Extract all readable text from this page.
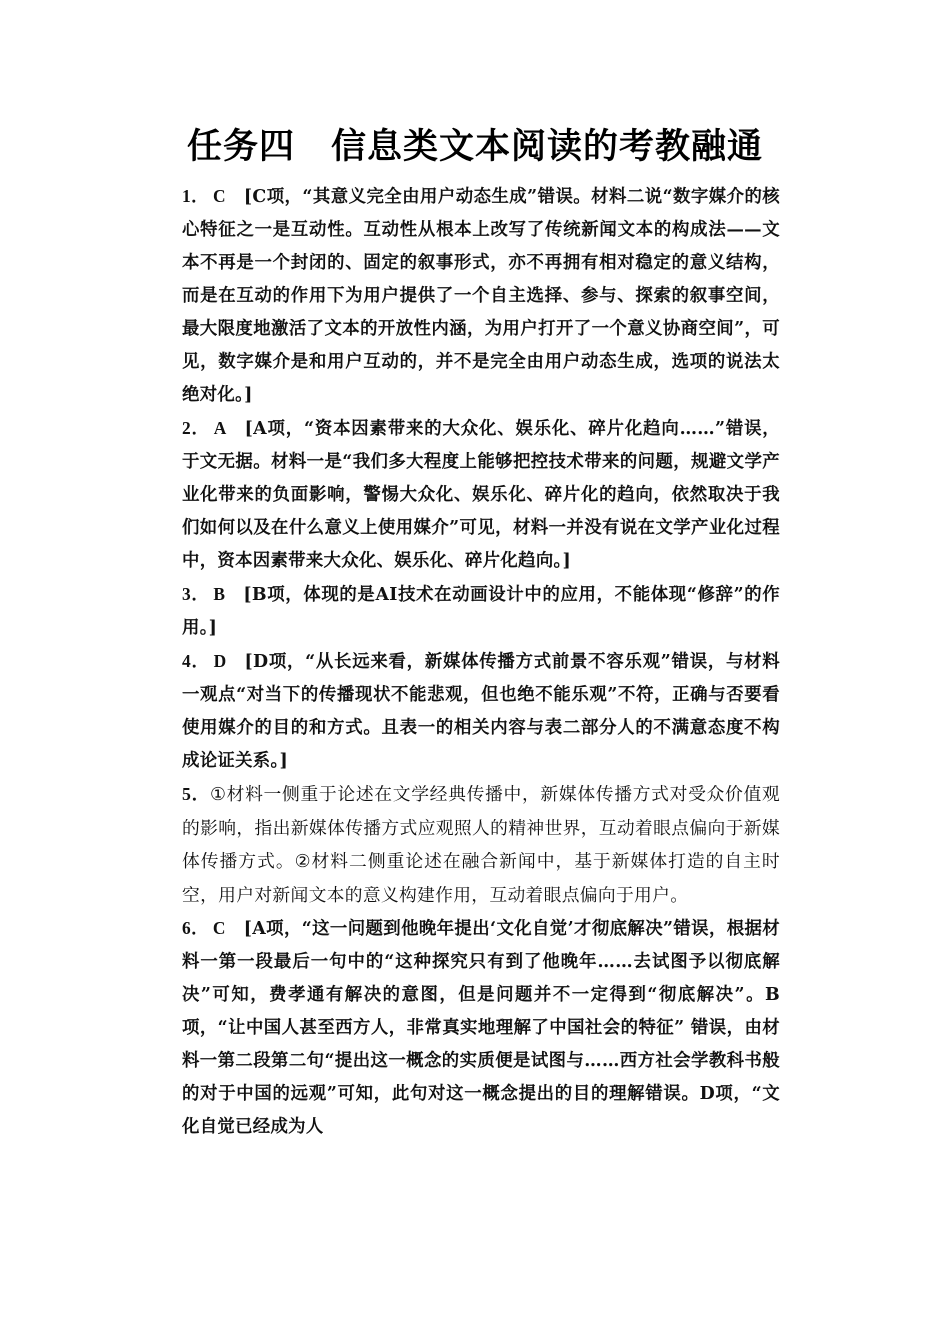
任务四　信息类文本阅读的考教融通

1． C [C项，“其意义完全由用户动态生成”错误。材料二说“数字媒介的核心特征之一是互动性。互动性从根本上改写了传统新闻文本的构成法——文本不再是一个封闭的、固定的叙事形式，亦不再拥有相对稳定的意义结构，而是在互动的作用下为用户提供了一个自主选择、参与、探索的叙事空间，最大限度地激活了文本的开放性内涵，为用户打开了一个意义协商空间”，可见，数字媒介是和用户互动的，并不是完全由用户动态生成，选项的说法太绝对化。]

2． A [A项，“资本因素带来的大众化、娱乐化、碎片化趋向……”错误，于文无据。材料一是“我们多大程度上能够把控技术带来的问题，规避文学产业化带来的负面影响，警惕大众化、娱乐化、碎片化的趋向，依然取决于我们如何以及在什么意义上使用媒介”可见，材料一并没有说在文学产业化过程中，资本因素带来大众化、娱乐化、碎片化趋向。]

3． B [B项，体现的是AI技术在动画设计中的应用，不能体现“修辞”的作用。]

4． D [D项，“从长远来看，新媒体传播方式前景不容乐观”错误，与材料一观点“对当下的传播现状不能悲观，但也绝不能乐观”不符，正确与否要看使用媒介的目的和方式。且表一的相关内容与表二部分人的不满意态度不构成论证关系。]

5．①材料一侧重于论述在文学经典传播中，新媒体传播方式对受众价值观的影响，指出新媒体传播方式应观照人的精神世界，互动着眼点偏向于新媒体传播方式。②材料二侧重论述在融合新闻中，基于新媒体打造的自主时空，用户对新闻文本的意义构建作用，互动着眼点偏向于用户。

6． C [A项，“这一问题到他晚年提出‘文化自觉’才彻底解决”错误，根据材料一第一段最后一句中的“这种探究只有到了他晚年……去试图予以彻底解决”可知，费孝通有解决的意图，但是问题并不一定得到“彻底解决”。B项，“让中国人甚至西方人，非常真实地理解了中国社会的特征” 错误，由材料一第二段第二句“提出这一概念的实质便是试图与……西方社会学教科书般的对于中国的远观”可知，此句对这一概念提出的目的理解错误。D项，“文化自觉已经成为人
